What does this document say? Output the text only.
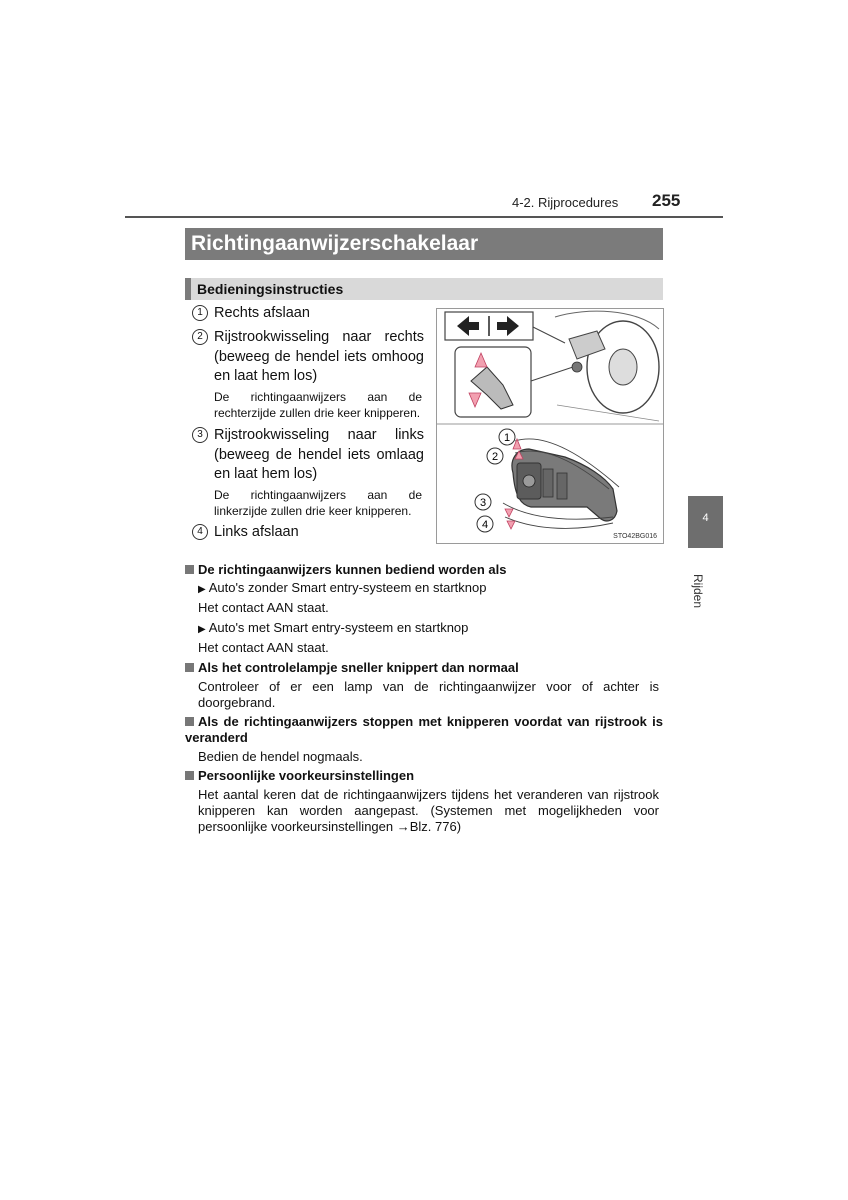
4-2. Rijprocedures 255
Richtingaanwijzerschakelaar
Bedieningsinstructies
1 Rechts afslaan
2 Rijstrookwisseling naar rechts (beweeg de hendel iets omhoog en laat hem los)
De richtingaanwijzers aan de rechterzijde zullen drie keer knipperen.
3 Rijstrookwisseling naar links (beweeg de hendel iets omlaag en laat hem los)
De richtingaanwijzers aan de linkerzijde zullen drie keer knipperen.
4 Links afslaan
1
2
3
4
STO42BG016
4
Rijden
De richtingaanwijzers kunnen bediend worden als
▶ Auto's zonder Smart entry-systeem en startknop
Het contact AAN staat.
▶ Auto's met Smart entry-systeem en startknop
Het contact AAN staat.
Als het controlelampje sneller knippert dan normaal
Controleer of er een lamp van de richtingaanwijzer voor of achter is doorgebrand.
Als de richtingaanwijzers stoppen met knipperen voordat van rijstrook is veranderd
Bedien de hendel nogmaals.
Persoonlijke voorkeursinstellingen
Het aantal keren dat de richtingaanwijzers tijdens het veranderen van rijstrook knipperen kan worden aangepast. (Systemen met mogelijkheden voor persoonlijke voorkeursinstellingen →Blz. 776)
